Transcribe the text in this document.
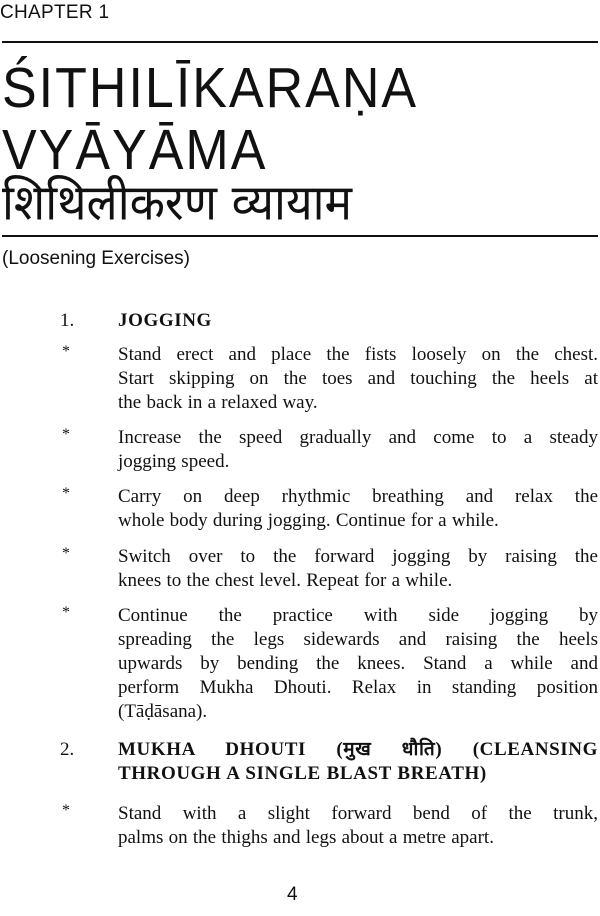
CHAPTER 1
ŚITHILĪKARAṆA
VYĀYĀMA
शिथिलीकरण व्यायाम
(Loosening Exercises)
1. JOGGING
*	Stand erect and place the fists loosely on the chest.
Start skipping on the toes and touching the heels at
the back in a relaxed way.
*	Increase the speed gradually and come to a steady
jogging speed.
*	Carry on deep rhythmic breathing and relax the
whole body during jogging. Continue for a while.
*	Switch over to the forward jogging by raising the
knees to the chest level. Repeat for a while.
*	Continue the practice with side jogging by
spreading the legs sidewards and raising the heels
upwards by bending the knees. Stand a while and
perform Mukha Dhouti. Relax in standing position
(Tāḍāsana).
2. MUKHA DHOUTI (मुख धौति) (CLEANSING
THROUGH A SINGLE BLAST BREATH)
*	Stand with a slight forward bend of the trunk,
palms on the thighs and legs about a metre apart.
4
